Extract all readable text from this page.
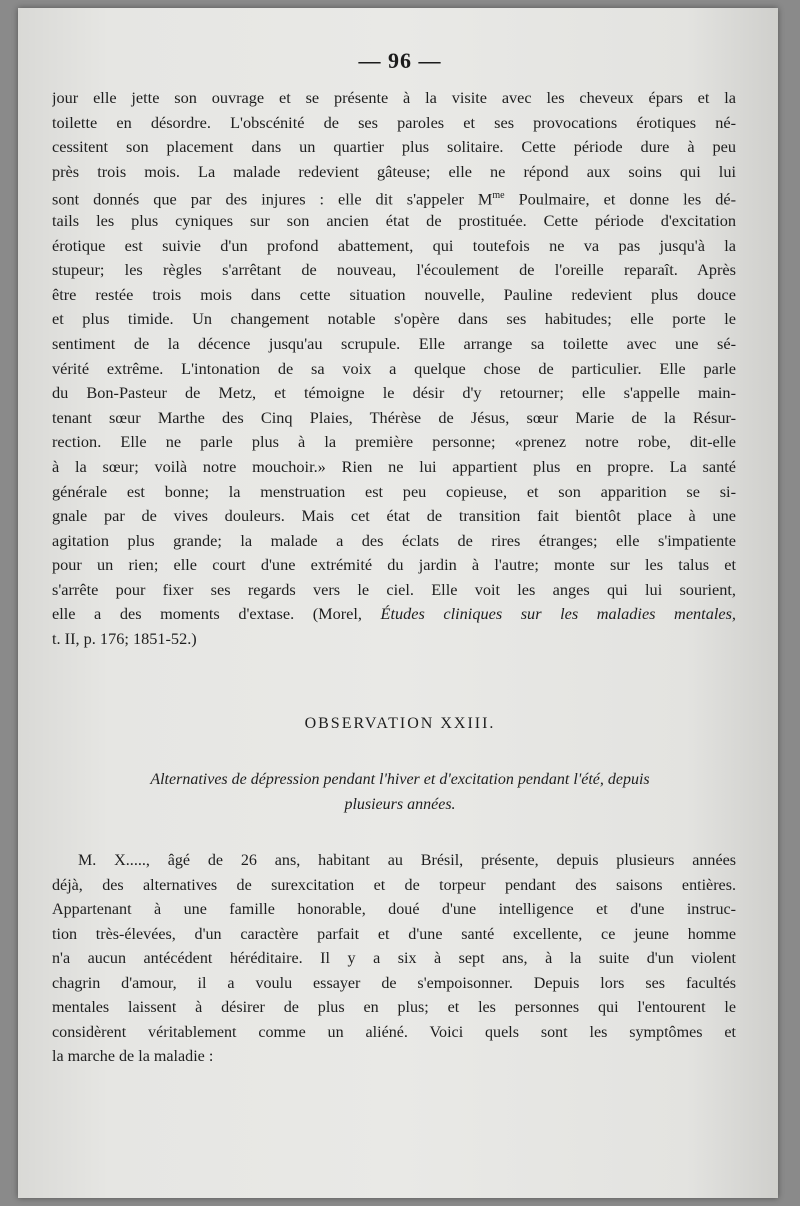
— 96 —
jour elle jette son ouvrage et se présente à la visite avec les cheveux épars et la
toilette en désordre. L'obscénité de ses paroles et ses provocations érotiques né-
cessitent son placement dans un quartier plus solitaire. Cette période dure à peu
près trois mois. La malade redevient gâteuse; elle ne répond aux soins qui lui
sont donnés que par des injures : elle dit s'appeler $M^{me}$ Poulmaire, et donne les dé-
tails les plus cyniques sur son ancien état de prostituée. Cette période d'excitation
érotique est suivie d'un profond abattement, qui toutefois ne va pas jusqu'à la
stupeur; les règles s'arrêtant de nouveau, l'écoulement de l'oreille reparaît. Après
être restée trois mois dans cette situation nouvelle, Pauline redevient plus douce
et plus timide. Un changement notable s'opère dans ses habitudes; elle porte le
sentiment de la décence jusqu'au scrupule. Elle arrange sa toilette avec une sé-
vérité extrême. L'intonation de sa voix a quelque chose de particulier. Elle parle
du Bon-Pasteur de Metz, et témoigne le désir d'y retourner; elle s'appelle main-
tenant sœur Marthe des Cinq Plaies, Thérèse de Jésus, sœur Marie de la Résur-
rection. Elle ne parle plus à la première personne; «prenez notre robe, dit-elle
à la sœur; voilà notre mouchoir.» Rien ne lui appartient plus en propre. La santé
générale est bonne; la menstruation est peu copieuse, et son apparition se si-
gnale par de vives douleurs. Mais cet état de transition fait bientôt place à une
agitation plus grande; la malade a des éclats de rires étranges; elle s'impatiente
pour un rien; elle court d'une extrémité du jardin à l'autre; monte sur les talus et
s'arrête pour fixer ses regards vers le ciel. Elle voit les anges qui lui sourient,
elle a des moments d'extase. (Morel, Études cliniques sur les maladies mentales,
t. II, p. 176; 1851-52.)
OBSERVATION XXIII.
Alternatives de dépression pendant l'hiver et d'excitation pendant l'été, depuis
plusieurs années.
M. X....., âgé de 26 ans, habitant au Brésil, présente, depuis plusieurs années
déjà, des alternatives de surexcitation et de torpeur pendant des saisons entières.
Appartenant à une famille honorable, doué d'une intelligence et d'une instruc-
tion très-élevées, d'un caractère parfait et d'une santé excellente, ce jeune homme
n'a aucun antécédent héréditaire. Il y a six à sept ans, à la suite d'un violent
chagrin d'amour, il a voulu essayer de s'empoisonner. Depuis lors ses facultés
mentales laissent à désirer de plus en plus; et les personnes qui l'entourent le
considèrent véritablement comme un aliéné. Voici quels sont les symptômes et
la marche de la maladie :
